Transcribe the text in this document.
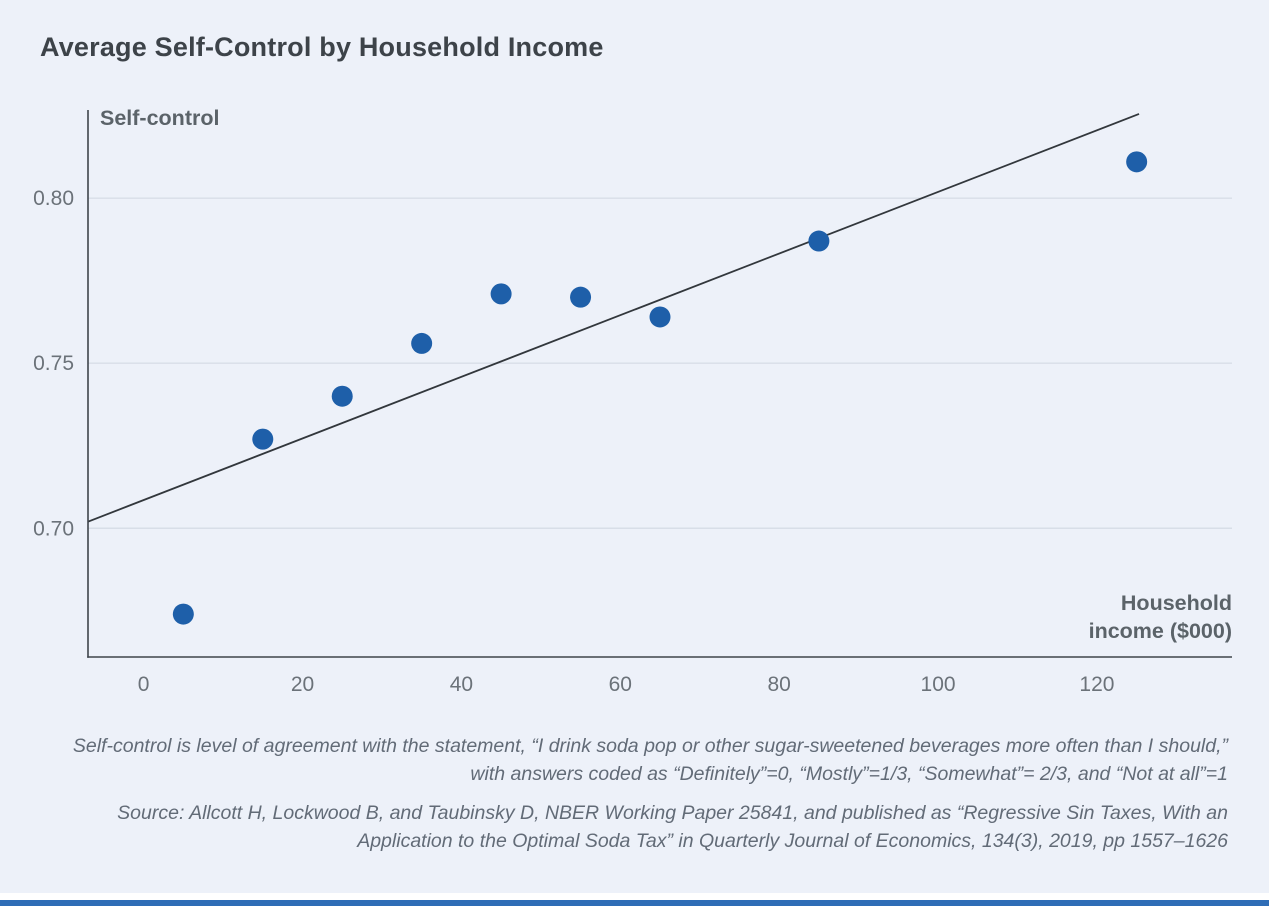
Average Self-Control by Household Income
0.70
0.75
0.80
0	20	40	60	80	100	120
Self-control
Household income ($000)

Self-control is level of agreement with the statement, “I drink soda pop or other sugar-sweetened beverages more often than I should,” with answers coded as “Definitely”=0, “Mostly”=1/3, “Somewhat”= 2/3, and “Not at all”=1

Source: Allcott H, Lockwood B, and Taubinsky D, NBER Working Paper 25841, and published as “Regressive Sin Taxes, With an Application to the Optimal Soda Tax” in Quarterly Journal of Economics, 134(3), 2019, pp 1557–1626
